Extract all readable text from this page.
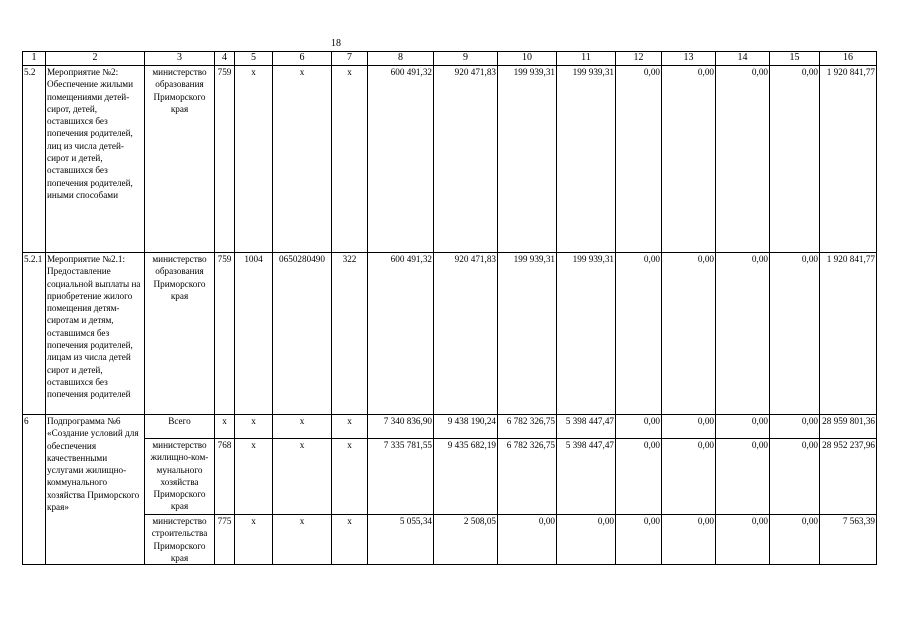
18
1	2	3	4	5	6	7	8	9	10	11	12	13	14	15	16
5.2	Мероприятие №2: Обеспечение жилыми помещениями детей-сирот, детей, оставшихся без попечения родителей, лиц из числа детей-сирот и детей, оставшихся без попечения родителей, иными способами	министерство образования Приморского края	759	х	х	х	600 491,32	920 471,83	199 939,31	199 939,31	0,00	0,00	0,00	0,00	1 920 841,77
5.2.1	Мероприятие №2.1: Предоставление социальной выплаты на приобретение жилого помещения детям-сиротам и детям, оставшимся без попечения родителей, лицам из числа детей сирот и детей, оставшихся без попечения родителей	министерство образования Приморского края	759	1004	0650280490	322	600 491,32	920 471,83	199 939,31	199 939,31	0,00	0,00	0,00	0,00	1 920 841,77
6	Подпрограмма №6 «Создание условий для обеспечения качественными услугами жилищно-коммунального хозяйства Приморского края»	Всего	х	х	х	х	7 340 836,90	9 438 190,24	6 782 326,75	5 398 447,47	0,00	0,00	0,00	0,00	28 959 801,36
		министерство жилищно-ком-мунального хозяйства Приморского края	768	х	х	х	7 335 781,55	9 435 682,19	6 782 326,75	5 398 447,47	0,00	0,00	0,00	0,00	28 952 237,96
		министерство строительства Приморского края	775	х	х	х	5 055,34	2 508,05	0,00	0,00	0,00	0,00	0,00	0,00	7 563,39
